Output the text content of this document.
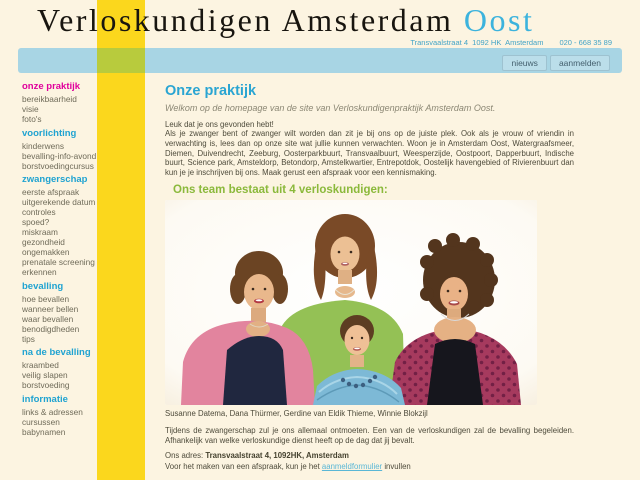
Verloskundigen Amsterdam Oost
Transvaalstraat 4  1092 HK  Amsterdam 020 - 668 35 89
nieuws	aanmelden
onze praktijk
bereikbaarheid
visie
foto's
voorlichting
kinderwens
bevalling-info-avond
borstvoedingcursus
zwangerschap
eerste afspraak
uitgerekende datum
controles
spoed?
miskraam
gezondheid
ongemakken
prenatale screening
erkennen
bevalling
hoe bevallen
wanneer bellen
waar bevallen
benodigdheden
tips
na de bevalling
kraambed
veilig slapen
borstvoeding
informatie
links & adressen
cursussen
babynamen
Onze praktijk

Welkom op de homepage van de site van Verloskundigenpraktijk Amsterdam Oost.

Leuk dat je ons gevonden hebt!
Als je zwanger bent of zwanger wilt worden dan zit je bij ons op de juiste plek. Ook als je vrouw of vriendin in verwachting is, lees dan op onze site wat jullie kunnen verwachten. Woon je in Amsterdam Oost, Watergraafsmeer, Diemen, Duivendrecht, Zeeburg, Oosterparkbuurt, Transvaalbuurt, Weesperzijde, Oostpoort, Dapperbuurt, Indische buurt, Science park, Amsteldorp, Betondorp, Amstelkwartier, Entrepotdok, Oostelijk havengebied of Rivierenbuurt dan kun je je inschrijven bij ons. Maak gerust een afspraak voor een kennismaking.

Ons team bestaat uit 4 verloskundigen:

Susanne Datema, Dana Thürmer, Gerdine van Eldik Thieme, Winnie Blokzijl

Tijdens de zwangerschap zul je ons allemaal ontmoeten. Een van de verloskundigen zal de bevalling begeleiden. Afhankelijk van welke verloskundige dienst heeft op de dag dat jij bevalt.

Ons adres: Transvaalstraat 4, 1092HK, Amsterdam

Voor het maken van een afspraak, kun je het aanmeldformulier invullen
